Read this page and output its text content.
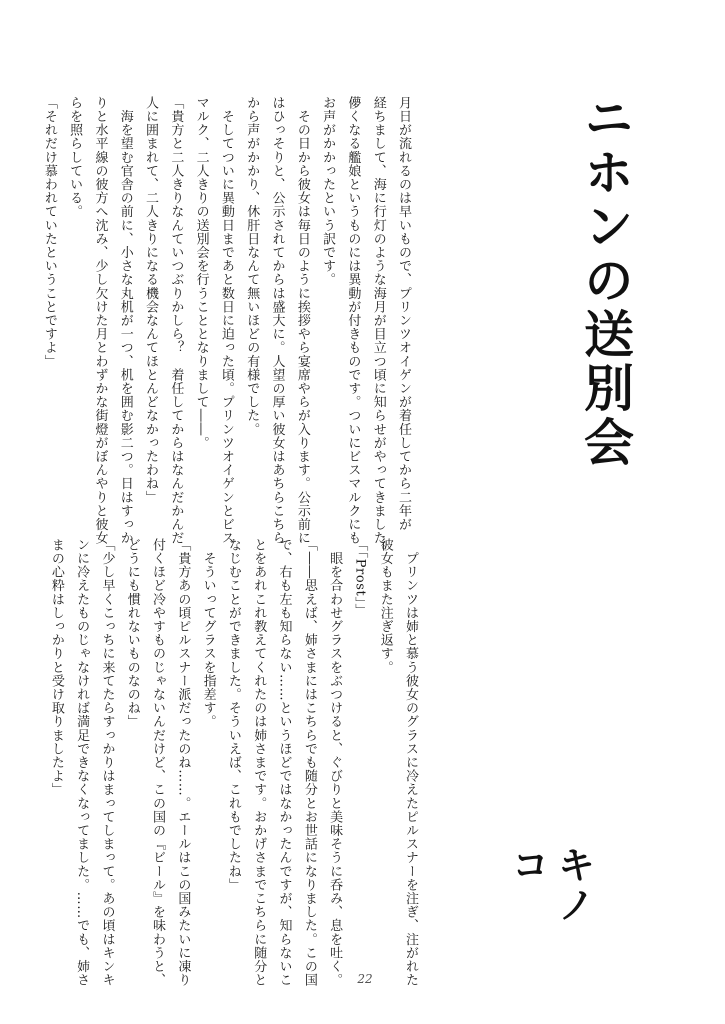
ニホンの送別会
月日が流れるのは早いもので、プリンツオイゲンが着任してから二年が
経ちまして、海に行灯のような海月が目立つ頃に知らせがやってきました。
儚くなる艦娘というものには異動が付きものです。ついにビスマルクにも
お声がかかったという訳です。
　その日から彼女は毎日のように挨拶やら宴席やらが入ります。公示前に
はひっそりと、公示されてからは盛大に。人望の厚い彼女はあちらこちら
から声がかかり、休肝日なんて無いほどの有様でした。
　そしてついに異動日まであと数日に迫った頃。プリンツオイゲンとビス
マルク、二人きりの送別会を行うこととなりまして――。
「貴方と二人きりなんていつぶりかしら？　着任してからはなんだかんだ
人に囲まれて、二人きりになる機会なんてほとんどなかったわね」
　海を望む官舎の前に、小さな丸机が一つ、机を囲む影二つ。日はすっか
りと水平線の彼方へ沈み、少し欠けた月とわずかな街燈がぼんやりと彼女
らを照らしている。
「それだけ慕われていたということですよ」
　プリンツは姉と慕う彼女のグラスに冷えたピルスナーを注ぎ、注がれた
彼女もまた注ぎ返す。
「「Prost」」
　眼を合わせグラスをぶつけると、ぐびりと美味そうに呑み、息を吐く。
「――思えば、姉さまにはこちらでも随分とお世話になりました。この国
で、右も左も知らない……というほどではなかったんですが、知らないこ
とをあれこれ教えてくれたのは姉さまです。おかげさまでこちらに随分と
なじむことができました。そういえば、これもでしたね」
　そういってグラスを指差す。
「貴方あの頃ピルスナー派だったのね……。エールはこの国みたいに凍り
付くほど冷やすものじゃないんだけど、この国の『ビール』を味わうと、
どうにも慣れないものなのね」
「少し早くこっちに来てたらすっかりはまってしまって。あの頃はキンキ
ンに冷えたものじゃなければ満足できなくなってました。……でも、姉さ
まの心粋はしっかりと受け取りましたよ」
キノコ
22
